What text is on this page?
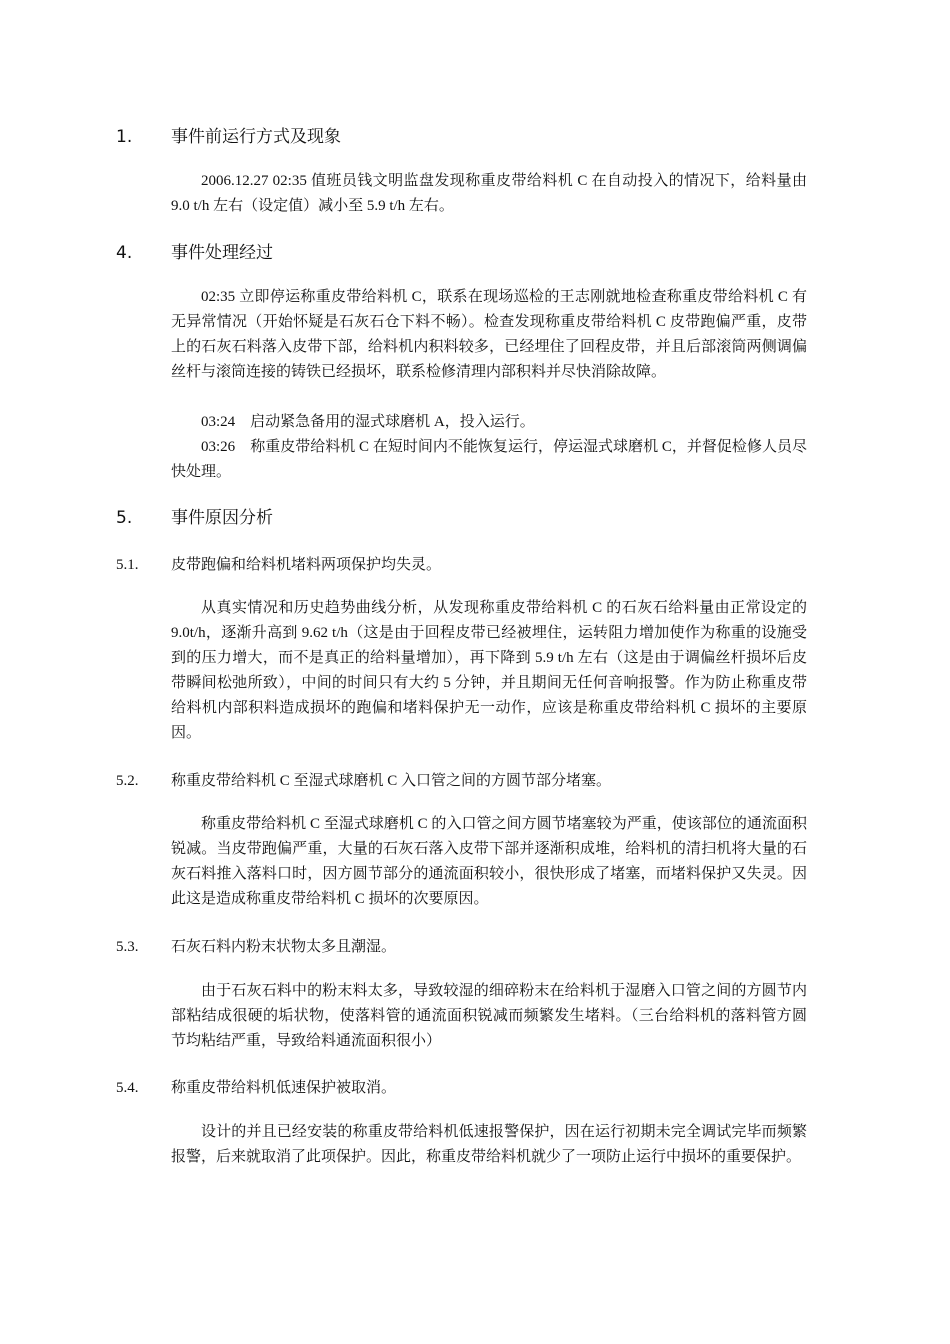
1. 事件前运行方式及现象

2006.12.27 02:35 值班员钱文明监盘发现称重皮带给料机 C 在自动投入的情况下，给料量由 9.0 t/h 左右（设定值）减小至 5.9 t/h 左右。

4. 事件处理经过

02:35 立即停运称重皮带给料机 C，联系在现场巡检的王志刚就地检查称重皮带给料机 C 有无异常情况（开始怀疑是石灰石仓下料不畅）。检查发现称重皮带给料机 C 皮带跑偏严重，皮带上的石灰石料落入皮带下部，给料机内积料较多，已经埋住了回程皮带，并且后部滚筒两侧调偏丝杆与滚筒连接的铸铁已经损坏，联系检修清理内部积料并尽快消除故障。

03:24　启动紧急备用的湿式球磨机 A，投入运行。

03:26　称重皮带给料机 C 在短时间内不能恢复运行，停运湿式球磨机 C，并督促检修人员尽快处理。

5. 事件原因分析
5.1. 皮带跑偏和给料机堵料两项保护均失灵。

从真实情况和历史趋势曲线分析，从发现称重皮带给料机 C 的石灰石给料量由正常设定的 9.0t/h，逐渐升高到 9.62 t/h（这是由于回程皮带已经被埋住，运转阻力增加使作为称重的设施受到的压力增大，而不是真正的给料量增加），再下降到 5.9 t/h 左右（这是由于调偏丝杆损坏后皮带瞬间松弛所致），中间的时间只有大约 5 分钟，并且期间无任何音响报警。作为防止称重皮带给料机内部积料造成损坏的跑偏和堵料保护无一动作，应该是称重皮带给料机 C 损坏的主要原因。

5.2. 称重皮带给料机 C 至湿式球磨机 C 入口管之间的方圆节部分堵塞。

称重皮带给料机 C 至湿式球磨机 C 的入口管之间方圆节堵塞较为严重，使该部位的通流面积锐减。当皮带跑偏严重，大量的石灰石落入皮带下部并逐渐积成堆，给料机的清扫机将大量的石灰石料推入落料口时，因方圆节部分的通流面积较小，很快形成了堵塞，而堵料保护又失灵。因此这是造成称重皮带给料机 C 损坏的次要原因。

5.3. 石灰石料内粉末状物太多且潮湿。

由于石灰石料中的粉末料太多，导致较湿的细碎粉末在给料机于湿磨入口管之间的方圆节内部粘结成很硬的垢状物，使落料管的通流面积锐减而频繁发生堵料。（三台给料机的落料管方圆节均粘结严重，导致给料通流面积很小）

5.4. 称重皮带给料机低速保护被取消。

设计的并且已经安装的称重皮带给料机低速报警保护，因在运行初期未完全调试完毕而频繁报警，后来就取消了此项保护。因此，称重皮带给料机就少了一项防止运行中损坏的重要保护。
